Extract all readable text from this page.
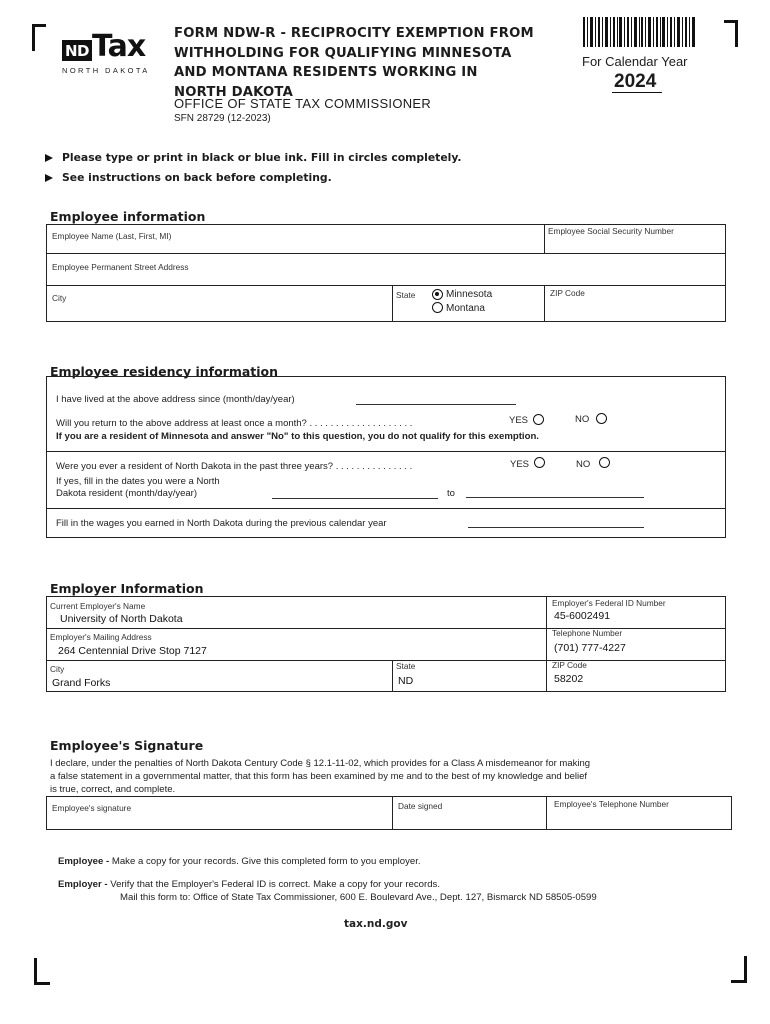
ND Tax
NORTH DAKOTA
FORM NDW-R - RECIPROCITY EXEMPTION FROM
WITHHOLDING FOR QUALIFYING MINNESOTA
AND MONTANA RESIDENTS WORKING IN
NORTH DAKOTA
OFFICE OF STATE TAX COMMISSIONER
SFN 28729 (12-2023)
For Calendar Year
2024
Please type or print in black or blue ink. Fill in circles completely.
See instructions on back before completing.
Employee information
Employee Name (Last, First, MI)	Employee Social Security Number
Employee Permanent Street Address
City	State	Minnesota
Montana
ZIP Code
Employee residency information
I have lived at the above address since (month/day/year)
Will you return to the above address at least once a month? . . . . . . . . . . . . . . . . . . . .	YES	NO
If you are a resident of Minnesota and answer "No" to this question, you do not qualify for this exemption.
Were you ever a resident of North Dakota in the past three years? . . . . . . . . . . . . . . .	YES	NO
If yes, fill in the dates you were a North
Dakota resident (month/day/year)	to
Fill in the wages you earned in North Dakota during the previous calendar year
Employer Information
Current Employer's Name
University of North Dakota
Employer's Federal ID Number
45-6002491
Employer's Mailing Address
264 Centennial Drive Stop 7127
Telephone Number
(701) 777-4227
City
Grand Forks
State
ND
ZIP Code
58202
Employee's Signature
I declare, under the penalties of North Dakota Century Code § 12.1-11-02, which provides for a Class A misdemeanor for making
a false statement in a governmental matter, that this form has been examined by me and to the best of my knowledge and belief
is true, correct, and complete.
Employee's signature	Date signed	Employee's Telephone Number
Employee - Make a copy for your records. Give this completed form to you employer.
Employer - Verify that the Employer's Federal ID is correct. Make a copy for your records.
Mail this form to: Office of State Tax Commissioner, 600 E. Boulevard Ave., Dept. 127, Bismarck ND 58505-0599
tax.nd.gov
